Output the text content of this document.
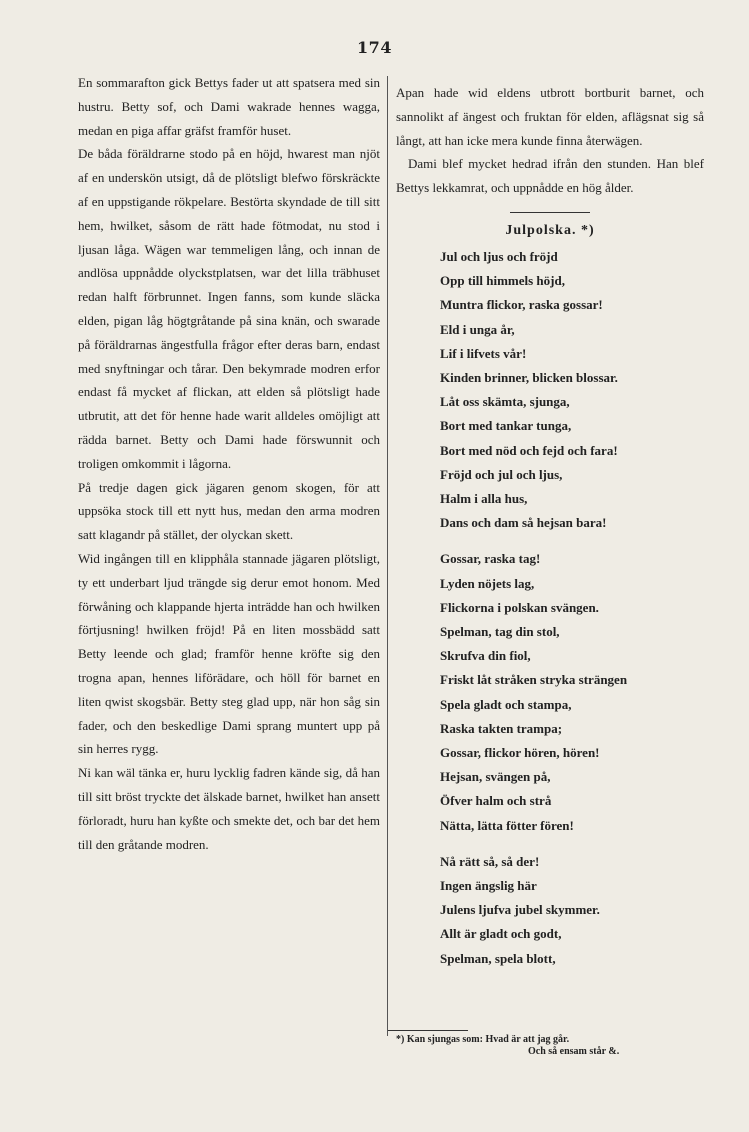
174

En sommarafton gick Bettys fader ut att spatsera med sin hustru. Betty sof, och Dami wakrade hennes wagga, medan en piga affar gräfst framför huset.

De båda föräldrarne stodo på en höjd, hwarest man njöt af en underskön utsigt, då de plötsligt blefwo förskräckte af en uppstigande rökpelare. Bestörta skyndade de till sitt hem, hwilket, såsom de rätt hade fötmodat, nu stod i ljusan låga. Wägen war temmeligen lång, och innan de andlösa uppnådde olyckstplatsen, war det lilla träbhuset redan halft förbrunnet. Ingen fanns, som kunde släcka elden, pigan låg högtgråtande på sina knän, och swarade på föräldrarnas ängestfulla frågor efter deras barn, endast med snyftningar och tårar. Den bekymrade modren erfor endast få mycket af flickan, att elden så plötsligt hade utbrutit, att det för henne hade warit alldeles omöjligt att rädda barnet. Betty och Dami hade förswunnit och troligen omkommit i lågorna.

På tredje dagen gick jägaren genom skogen, för att uppsöka stock till ett nytt hus, medan den arma modren satt klagandr på stället, der olyckan skett.

Wid ingången till en klipphåla stannade jägaren plötsligt, ty ett underbart ljud trängde sig derur emot honom. Med förwåning och klappande hjerta inträdde han och hwilken förtjusning! hwilken fröjd! På en liten mossbädd satt Betty leende och glad; framför henne kröfte sig den trogna apan, hennes liförädare, och höll för barnet en liten qwist skogsbär. Betty steg glad upp, när hon såg sin fader, och den beskedlige Dami sprang muntert upp på sin herres rygg.

Ni kan wäl tänka er, huru lycklig fadren kände sig, då han till sitt bröst tryckte det älskade barnet, hwilket han ansett förloradt, huru han kyßte och smekte det, och bar det hem till den gråtande modren.

Apan hade wid eldens utbrott bortburit barnet, och sannolikt af ängest och fruktan för elden, aflägsnat sig så långt, att han icke mera kunde finna återwägen.

Dami blef mycket hedrad ifrån den stunden. Han blef Bettys lekkamrat, och uppnådde en hög ålder.

Julpolska. *)
Jul och ljus och fröjd
Opp till himmels höjd,
Muntra flickor, raska gossar!
Eld i unga år,
Lif i lifvets vår!
Kinden brinner, blicken blossar.
Låt oss skämta, sjunga,
Bort med tankar tunga,
Bort med nöd och fejd och fara!
Fröjd och jul och ljus,
Halm i alla hus,
Dans och dam så hejsan bara!
Gossar, raska tag!
Lyden nöjets lag,
Flickorna i polskan svängen.
Spelman, tag din stol,
Skrufva din fiol,
Friskt låt stråken stryka strängen
Spela gladt och stampa,
Raska takten trampa;
Gossar, flickor hören, hören!
Hejsan, svängen på,
Öfver halm och strå
Nätta, lätta fötter fören!
Nå rätt så, så der!
Ingen ängslig här
Julens ljufva jubel skymmer.
Allt är gladt och godt,
Spelman, spela blott,
*) Kan sjungas som: Hvad är att jag går.
Och så ensam står &.
